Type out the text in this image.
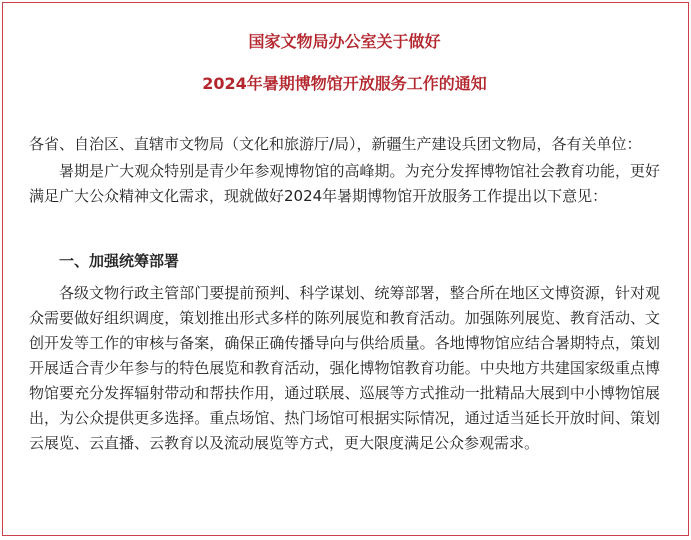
国家文物局办公室关于做好
2024年暑期博物馆开放服务工作的通知

各省、自治区、直辖市文物局（文化和旅游厅/局），新疆生产建设兵团文物局，各有关单位：

暑期是广大观众特别是青少年参观博物馆的高峰期。为充分发挥博物馆社会教育功能，更好满足广大公众精神文化需求，现就做好2024年暑期博物馆开放服务工作提出以下意见：

一、加强统筹部署

各级文物行政主管部门要提前预判、科学谋划、统筹部署，整合所在地区文博资源，针对观众需要做好组织调度，策划推出形式多样的陈列展览和教育活动。加强陈列展览、教育活动、文创开发等工作的审核与备案，确保正确传播导向与供给质量。各地博物馆应结合暑期特点，策划开展适合青少年参与的特色展览和教育活动，强化博物馆教育功能。中央地方共建国家级重点博物馆要充分发挥辐射带动和帮扶作用，通过联展、巡展等方式推动一批精品大展到中小博物馆展出，为公众提供更多选择。重点场馆、热门场馆可根据实际情况，通过适当延长开放时间、策划云展览、云直播、云教育以及流动展览等方式，更大限度满足公众参观需求。
